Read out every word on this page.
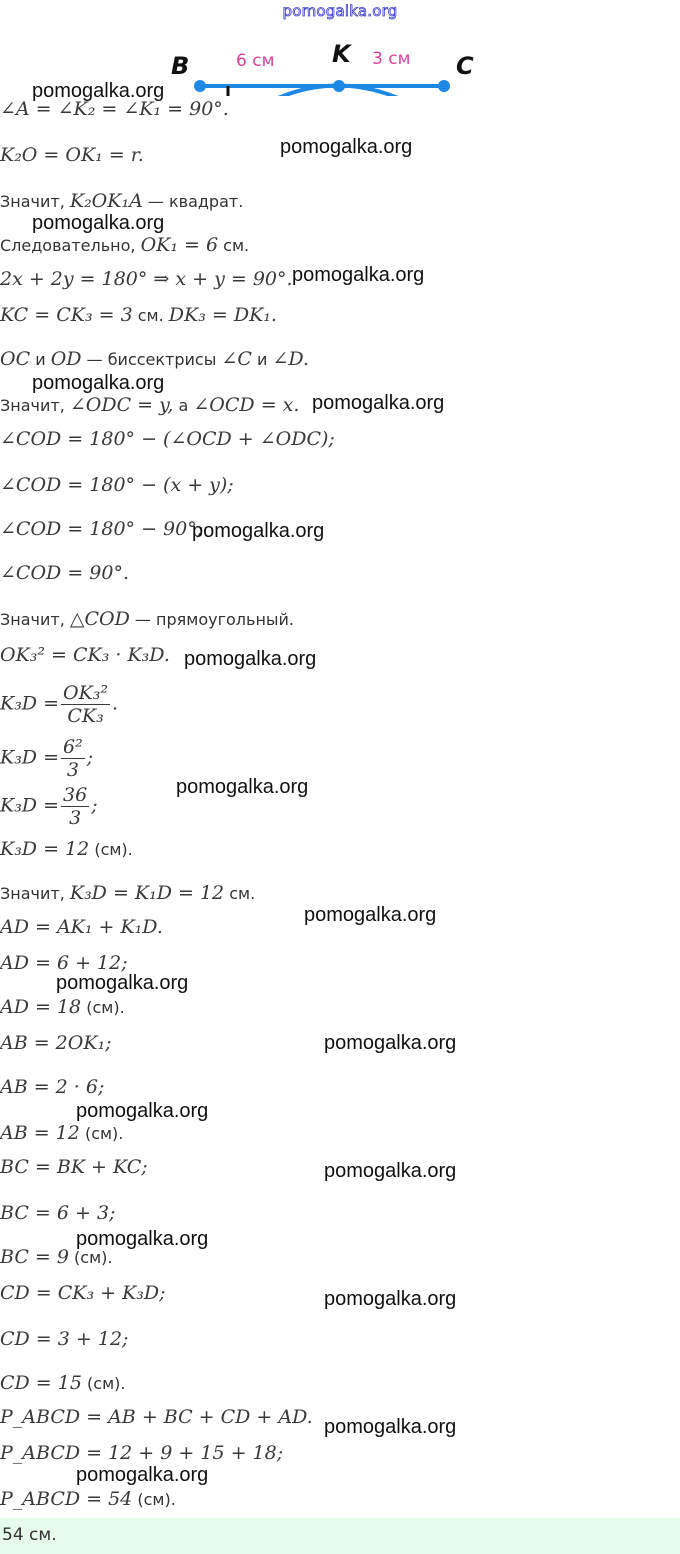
pomogalka.org
B	K	C
6 см	3 см
∠A = ∠K₂ = ∠K₁ = 90°.
K₂O = OK₁ = r.
Значит, K₂OK₁A — квадрат.
Следовательно, OK₁ = 6 см.
2x + 2y = 180° ⇒ x + y = 90°.
KC = CK₃ = 3 см. DK₃ = DK₁.
OC и OD — биссектрисы ∠C и ∠D.
Значит, ∠ODC = y, а ∠OCD = x.
∠COD = 180° − (∠OCD + ∠ODC);
∠COD = 180° − (x + y);
∠COD = 180° − 90°;
∠COD = 90°.
Значит, △COD — прямоугольный.
OK₃² = CK₃ · K₃D.
$K_3D = \frac{\text{OK₃²}}{\text{CK₃}}$ .
$K_3D = \frac{\text{6²}}{3}$ ;
$K_3D = \frac{36}{3}$ ;
K₃D = 12 (см).
Значит, K₃D = K₁D = 12 см.
AD = AK₁ + K₁D.
AD = 6 + 12;
AD = 18 (см).
AB = 2OK₁;
AB = 2 · 6;
AB = 12 (см).
BC = BK + KC;
BC = 6 + 3;
BC = 9 (см).
CD = CK₃ + K₃D;
CD = 3 + 12;
CD = 15 (см).
P_ABCD = AB + BC + CD + AD.
P_ABCD = 12 + 9 + 15 + 18;
P_ABCD = 54 (см).
pomogalka.org
pomogalka.org
pomogalka.org
pomogalka.org
pomogalka.org
pomogalka.org
pomogalka.org
pomogalka.org
pomogalka.org
pomogalka.org
pomogalka.org
pomogalka.org
pomogalka.org
pomogalka.org
pomogalka.org
pomogalka.org
pomogalka.org
pomogalka.org
54 см.
